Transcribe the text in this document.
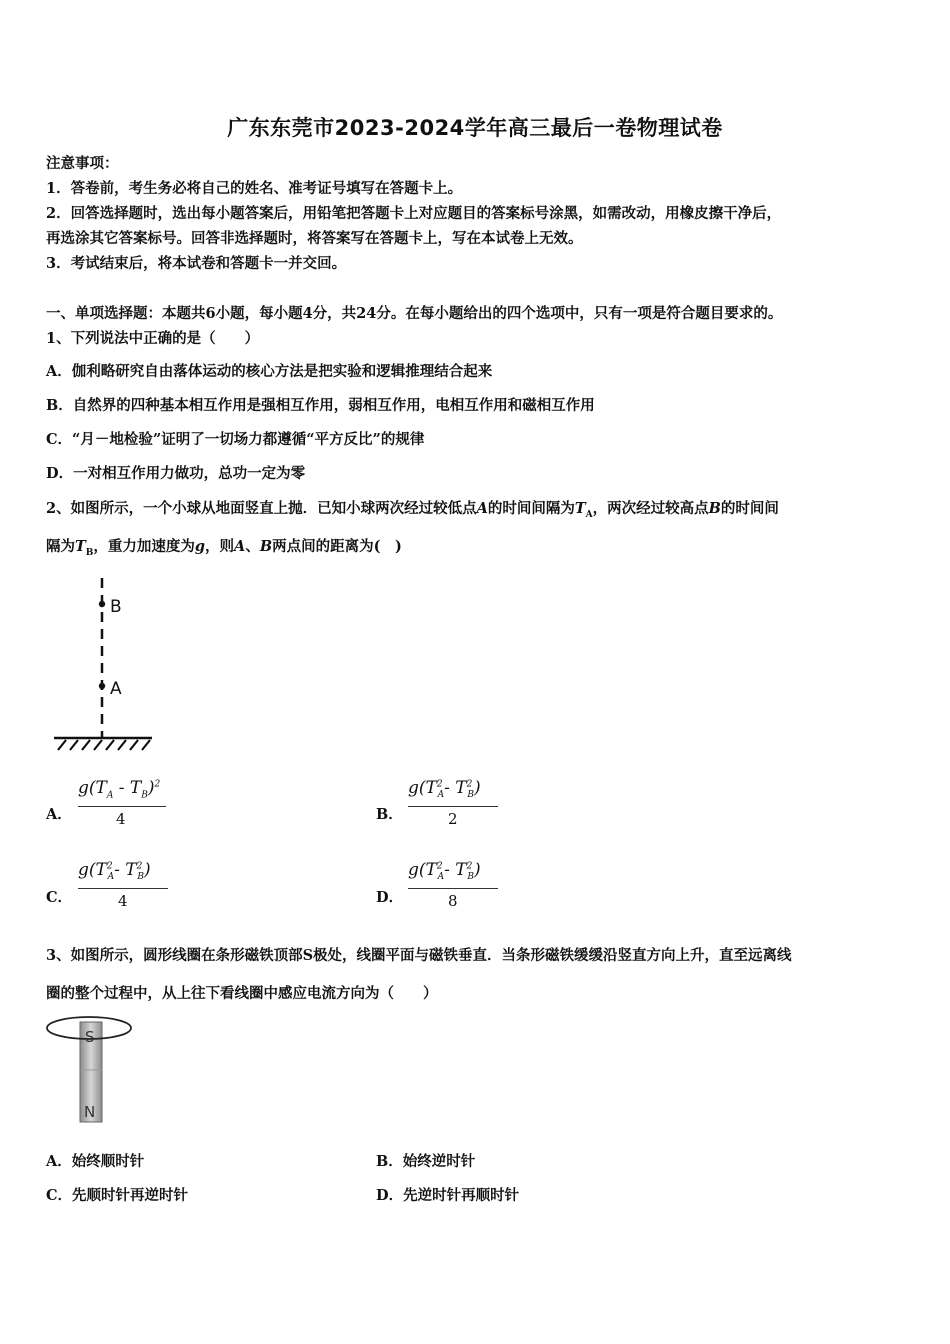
广东东莞市2023-2024学年高三最后一卷物理试卷
注意事项：
1．答卷前，考生务必将自己的姓名、准考证号填写在答题卡上。
2．回答选择题时，选出每小题答案后，用铅笔把答题卡上对应题目的答案标号涂黑，如需改动，用橡皮擦干净后，
再选涂其它答案标号。回答非选择题时，将答案写在答题卡上，写在本试卷上无效。
3．考试结束后，将本试卷和答题卡一并交回。
一、单项选择题：本题共6小题，每小题4分，共24分。在每小题给出的四个选项中，只有一项是符合题目要求的。
1、下列说法中正确的是（　　）
A．伽利略研究自由落体运动的核心方法是把实验和逻辑推理结合起来
B．自然界的四种基本相互作用是强相互作用，弱相互作用，电相互作用和磁相互作用
C．“月－地检验”证明了一切场力都遵循“平方反比”的规律
D．一对相互作用力做功，总功一定为零
2、如图所示，一个小球从地面竖直上抛．已知小球两次经过较低点A的时间间隔为$T_A$，两次经过较高点B的时间间
隔为$T_B$，重力加速度为g，则A、B两点间的距离为(　)
B
A
A．
$g(T_A - T_B)^2$
4	B．
$g(T^2_A-$ $T^2_B$)
2
C．
$g(T^2_A-$ $T^2_B$)
4	D．
$g(T^2_A-$ $T^2_B$)
8
3、如图所示，圆形线圈在条形磁铁顶部S极处，线圈平面与磁铁垂直．当条形磁铁缓缓沿竖直方向上升，直至远离线
圈的整个过程中，从上往下看线圈中感应电流方向为（　　）
S
N
A．始终顺时针	B．始终逆时针
C．先顺时针再逆时针	D．先逆时针再顺时针
